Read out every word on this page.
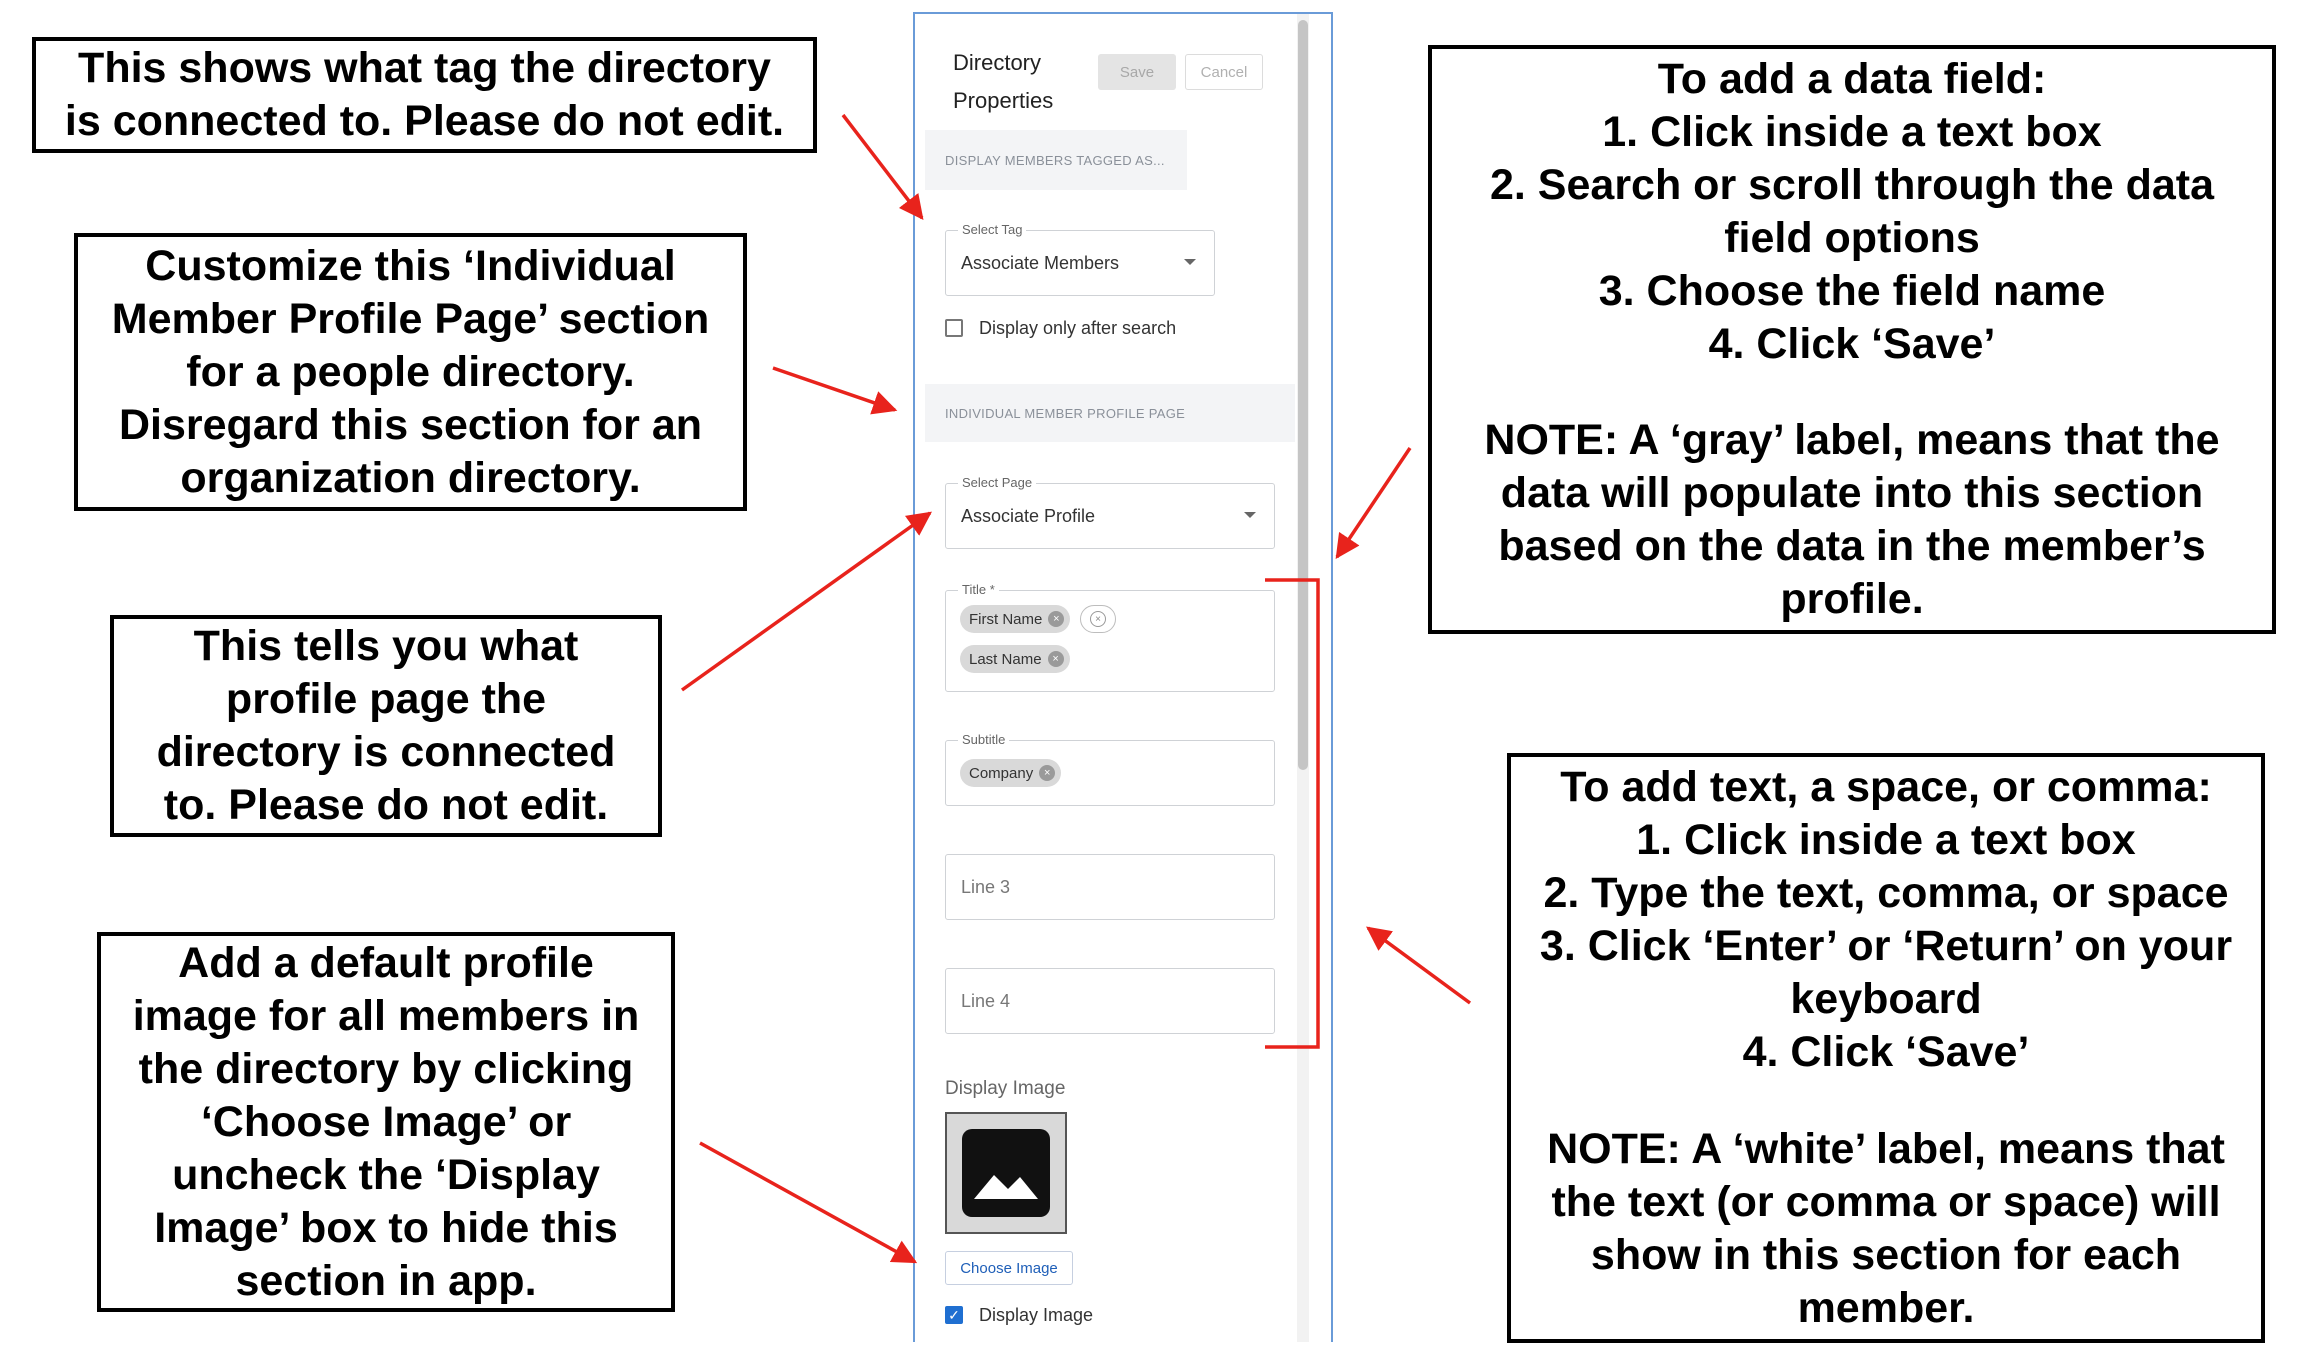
This shows what tag the directory
is connected to. Please do not edit.
Customize this ‘Individual
Member Profile Page’ section
for a people directory.
Disregard this section for an
organization directory.
This tells you what
profile page the
directory is connected
to. Please do not edit.
Add a default profile
image for all members in
the directory by clicking
‘Choose Image’ or
uncheck the ‘Display
Image’ box to hide this
section in app.
To add a data field:
1. Click inside a text box
2. Search or scroll through the data
field options
3. Choose the field name
4. Click ‘Save’
NOTE: A ‘gray’ label, means that the
data will populate into this section
based on the data in the member’s
profile.
To add text, a space, or comma:
1. Click inside a text box
2. Type the text, comma, or space
3. Click ‘Enter’ or ‘Return’ on your
keyboard
4. Click ‘Save’
NOTE: A ‘white’ label, means that
the text (or comma or space) will
show in this section for each
member.
Directory
Properties
Save	Cancel
DISPLAY MEMBERS TAGGED AS...
Select Tag
Associate Members
Display only after search
INDIVIDUAL MEMBER PROFILE PAGE
Select Page
Associate Profile
Title *
First Name ×	×
Last Name ×
Subtitle
Company ×
Line 3
Line 4
Display Image
Choose Image
✓ Display Image
